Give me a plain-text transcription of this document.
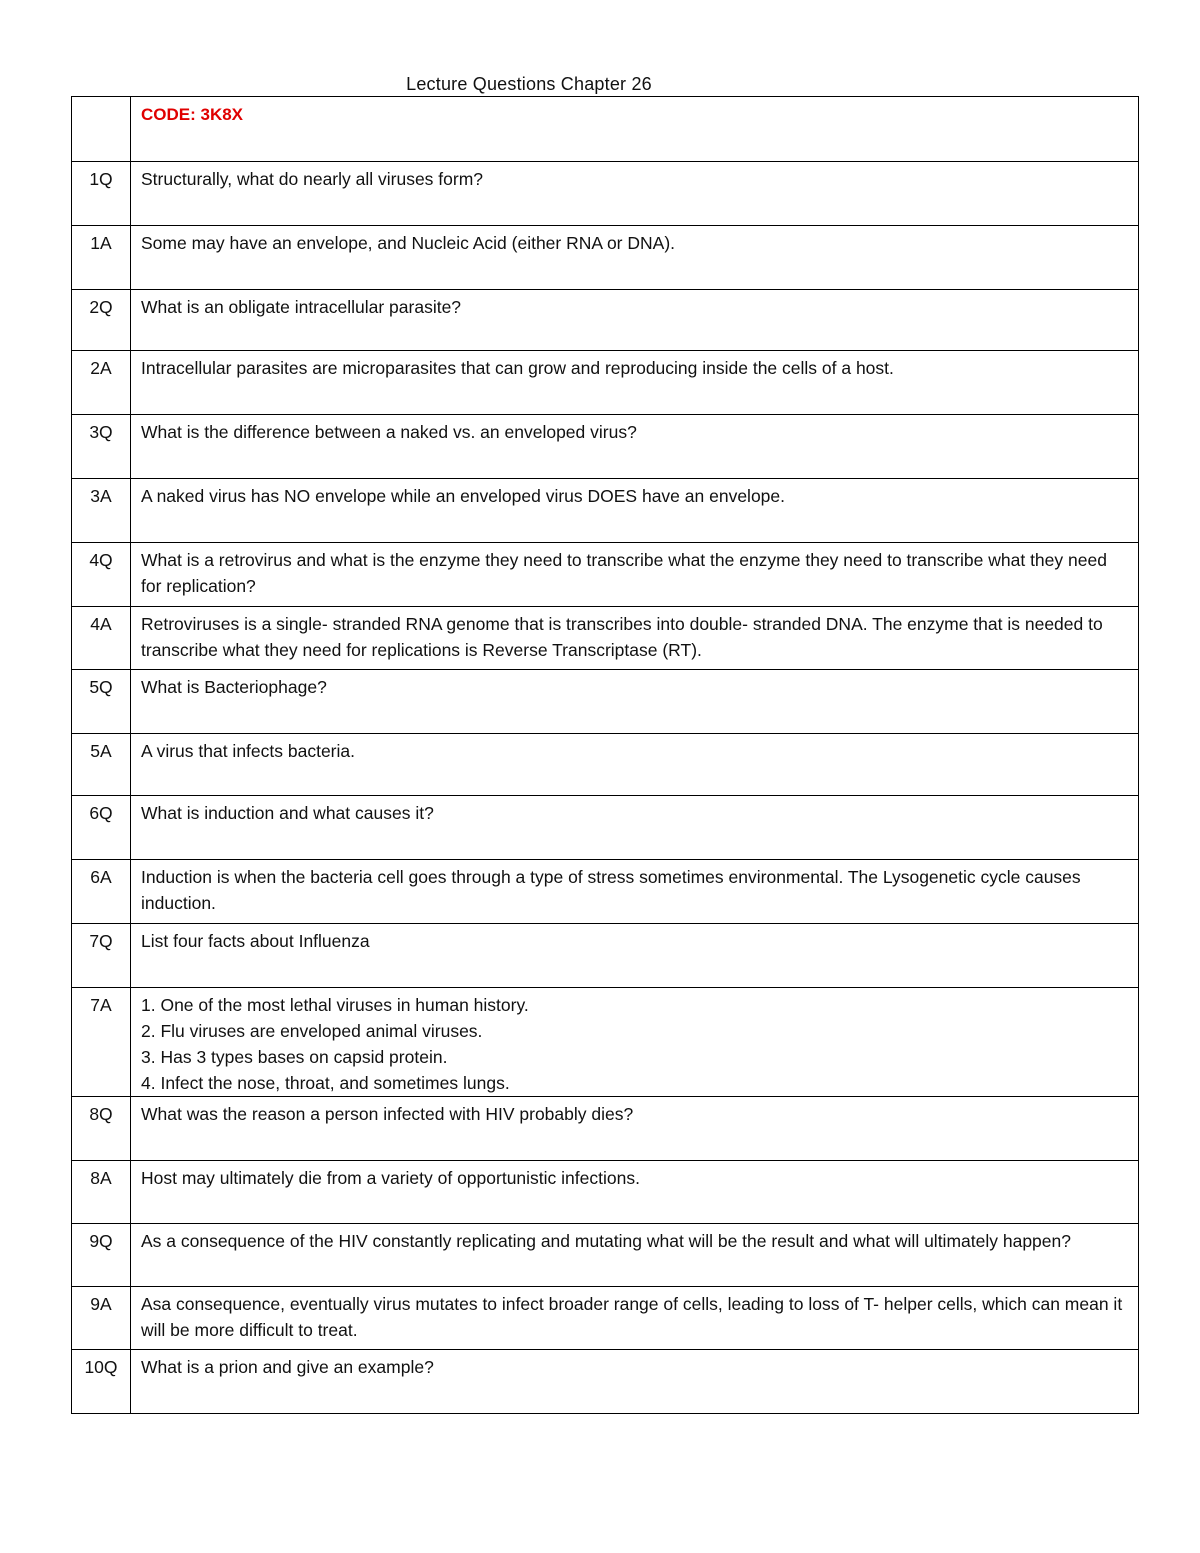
Lecture Questions Chapter 26
	CODE: 3K8X
1Q	Structurally, what do nearly all viruses form?

1A	Some may have an envelope, and Nucleic Acid (either RNA or DNA).

2Q	What is an obligate intracellular parasite?

2A	Intracellular parasites are microparasites that can grow and reproducing inside the cells of a host.

3Q	What is the difference between a naked vs. an enveloped virus?

3A	A naked virus has NO envelope while an enveloped virus DOES have an envelope.

4Q	What is a retrovirus and what is the enzyme they need to transcribe what the enzyme they need to transcribe what they need for replication?

4A	Retroviruses is a single- stranded RNA genome that is transcribes into double- stranded DNA. The enzyme that is needed to transcribe what they need for replications is Reverse Transcriptase (RT).

5Q	What is Bacteriophage?

5A	A virus that infects bacteria.

6Q	What is induction and what causes it?

6A	Induction is when the bacteria cell goes through a type of stress sometimes environmental. The Lysogenetic cycle causes induction.

7Q	List four facts about Influenza

7A	1. One of the most lethal viruses in human history.
2. Flu viruses are enveloped animal viruses.
3. Has 3 types bases on capsid protein.
4. Infect the nose, throat, and sometimes lungs.

8Q	What was the reason a person infected with HIV probably dies?

8A	Host may ultimately die from a variety of opportunistic infections.

9Q	As a consequence of the HIV constantly replicating and mutating what will be the result and what will ultimately happen?

9A	Asa consequence, eventually virus mutates to infect broader range of cells, leading to loss of T- helper cells, which can mean it will be more difficult to treat.

10Q	What is a prion and give an example?
